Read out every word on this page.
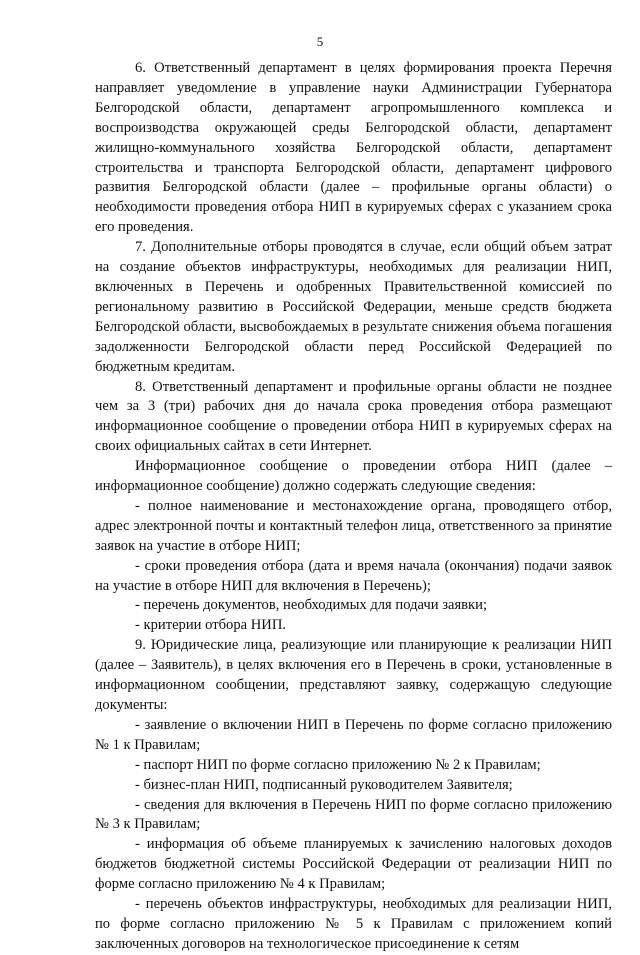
5

6. Ответственный департамент в целях формирования проекта Перечня направляет уведомление в управление науки Администрации Губернатора Белгородской области, департамент агропромышленного комплекса и воспроизводства окружающей среды Белгородской области, департамент жилищно-коммунального хозяйства Белгородской области, департамент строительства и транспорта Белгородской области, департамент цифрового развития Белгородской области (далее – профильные органы области) о необходимости проведения отбора НИП в курируемых сферах с указанием срока его проведения.

7. Дополнительные отборы проводятся в случае, если общий объем затрат на создание объектов инфраструктуры, необходимых для реализации НИП, включенных в Перечень и одобренных Правительственной комиссией по региональному развитию в Российской Федерации, меньше средств бюджета Белгородской области, высвобождаемых в результате снижения объема погашения задолженности Белгородской области перед Российской Федерацией по бюджетным кредитам.

8. Ответственный департамент и профильные органы области не позднее чем за 3 (три) рабочих дня до начала срока проведения отбора размещают информационное сообщение о проведении отбора НИП в курируемых сферах на своих официальных сайтах в сети Интернет.

Информационное сообщение о проведении отбора НИП (далее – информационное сообщение) должно содержать следующие сведения:

- полное наименование и местонахождение органа, проводящего отбор, адрес электронной почты и контактный телефон лица, ответственного за принятие заявок на участие в отборе НИП;

- сроки проведения отбора (дата и время начала (окончания) подачи заявок на участие в отборе НИП для включения в Перечень);

- перечень документов, необходимых для подачи заявки;

- критерии отбора НИП.

9. Юридические лица, реализующие или планирующие к реализации НИП (далее – Заявитель), в целях включения его в Перечень в сроки, установленные в информационном сообщении, представляют заявку, содержащую следующие документы:

- заявление о включении НИП в Перечень по форме согласно приложению № 1 к Правилам;

- паспорт НИП по форме согласно приложению № 2 к Правилам;

- бизнес-план НИП, подписанный руководителем Заявителя;

- сведения для включения в Перечень НИП по форме согласно приложению № 3 к Правилам;

- информация об объеме планируемых к зачислению налоговых доходов бюджетов бюджетной системы Российской Федерации от реализации НИП по форме согласно приложению № 4 к Правилам;

- перечень объектов инфраструктуры, необходимых для реализации НИП, по форме согласно приложению № 5 к Правилам с приложением копий заключенных договоров на технологическое присоединение к сетям
